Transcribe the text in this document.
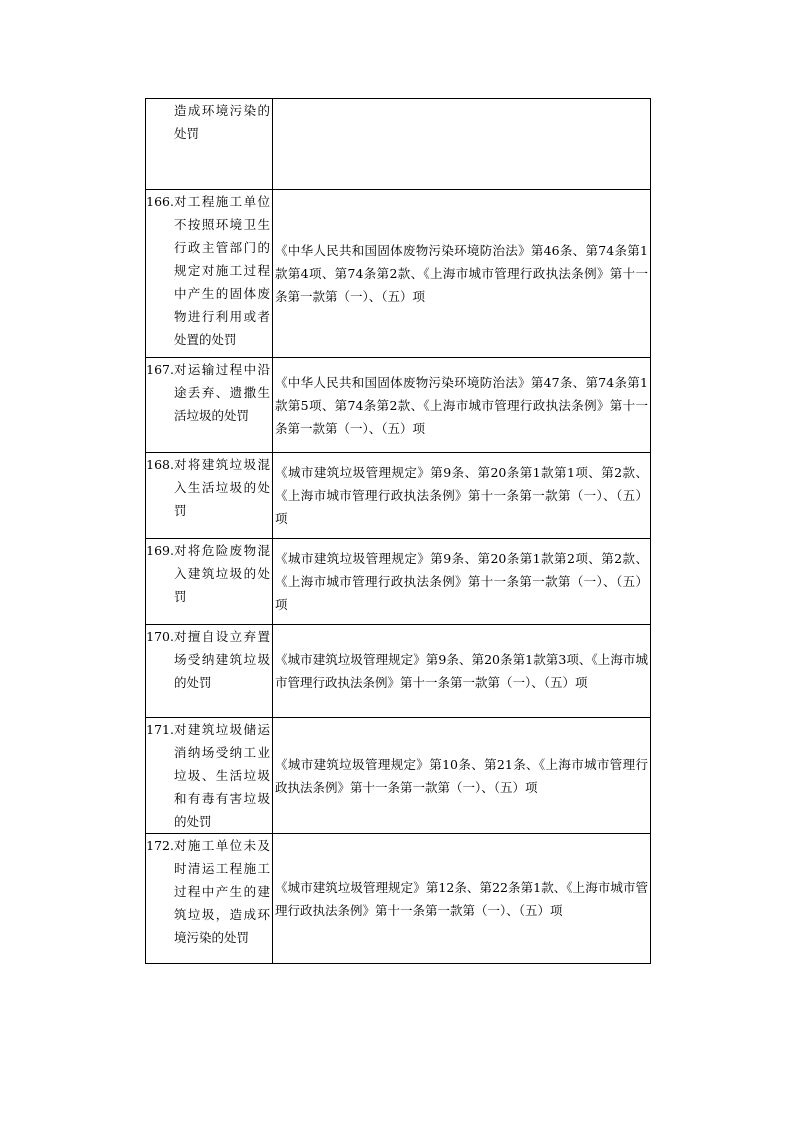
造成环境污染的处罚	

166. 对工程施工单位不按照环境卫生行政主管部门的规定对施工过程中产生的固体废物进行利用或者处置的处罚	《中华人民共和国固体废物污染环境防治法》第46条、第74条第1款第4项、第74条第2款、《上海市城市管理行政执法条例》第十一条第一款第（一）、（五）项

167. 对运输过程中沿途丢弃、遗撒生活垃圾的处罚	《中华人民共和国固体废物污染环境防治法》第47条、第74条第1款第5项、第74条第2款、《上海市城市管理行政执法条例》第十一条第一款第（一）、（五）项

168. 对将建筑垃圾混入生活垃圾的处罚	《城市建筑垃圾管理规定》第9条、第20条第1款第1项、第2款、《上海市城市管理行政执法条例》第十一条第一款第（一）、（五）项

169. 对将危险废物混入建筑垃圾的处罚	《城市建筑垃圾管理规定》第9条、第20条第1款第2项、第2款、《上海市城市管理行政执法条例》第十一条第一款第（一）、（五）项

170. 对擅自设立弃置场受纳建筑垃圾的处罚	《城市建筑垃圾管理规定》第9条、第20条第1款第3项、《上海市城市管理行政执法条例》第十一条第一款第（一）、（五）项

171. 对建筑垃圾储运消纳场受纳工业垃圾、生活垃圾和有毒有害垃圾的处罚	《城市建筑垃圾管理规定》第10条、第21条、《上海市城市管理行政执法条例》第十一条第一款第（一）、（五）项

172. 对施工单位未及时清运工程施工过程中产生的建筑垃圾，造成环境污染的处罚	《城市建筑垃圾管理规定》第12条、第22条第1款、《上海市城市管理行政执法条例》第十一条第一款第（一）、（五）项
